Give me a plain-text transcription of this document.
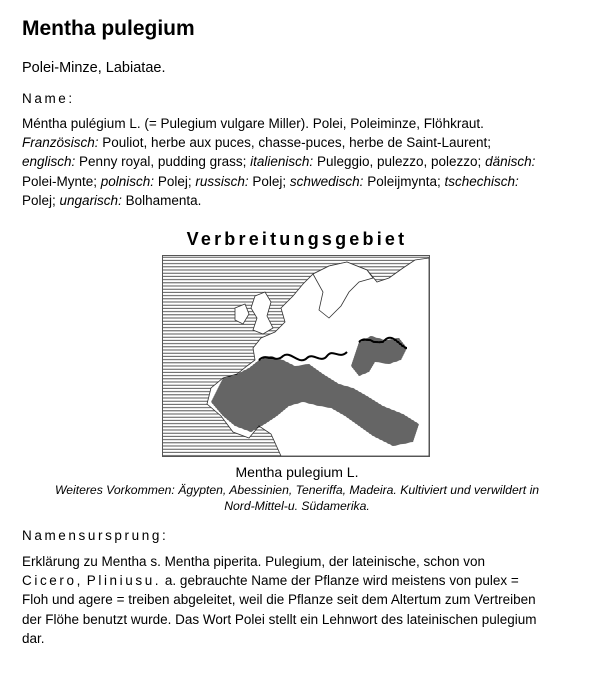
Mentha pulegium
Polei-Minze, Labiatae.
Name:
Méntha pulégium L. (= Pulegium vulgare Miller). Polei, Poleiminze, Flöhkraut.
Französisch: Pouliot, herbe aux puces, chasse-puces, herbe de Saint-Laurent;
englisch: Penny royal, pudding grass; italienisch: Puleggio, pulezzo, polezzo; dänisch:
Polei-Mynte; polnisch: Polej; russisch: Polej; schwedisch: Poleijmynta; tschechisch:
Polej; ungarisch: Bolhamenta.
Verbreitungsgebiet
Mentha pulegium L.
Weiteres Vorkommen: Ägypten, Abessinien, Teneriffa, Madeira. Kultiviert und verwildert in
Nord-Mittel-u. Südamerika.
Namensursprung:
Erklärung zu Mentha s. Mentha piperita. Pulegium, der lateinische, schon von
Cicero, Pliniusu. a. gebrauchte Name der Pflanze wird meistens von pulex =
Floh und agere = treiben abgeleitet, weil die Pflanze seit dem Altertum zum Vertreiben
der Flöhe benutzt wurde. Das Wort Polei stellt ein Lehnwort des lateinischen pulegium
dar.
